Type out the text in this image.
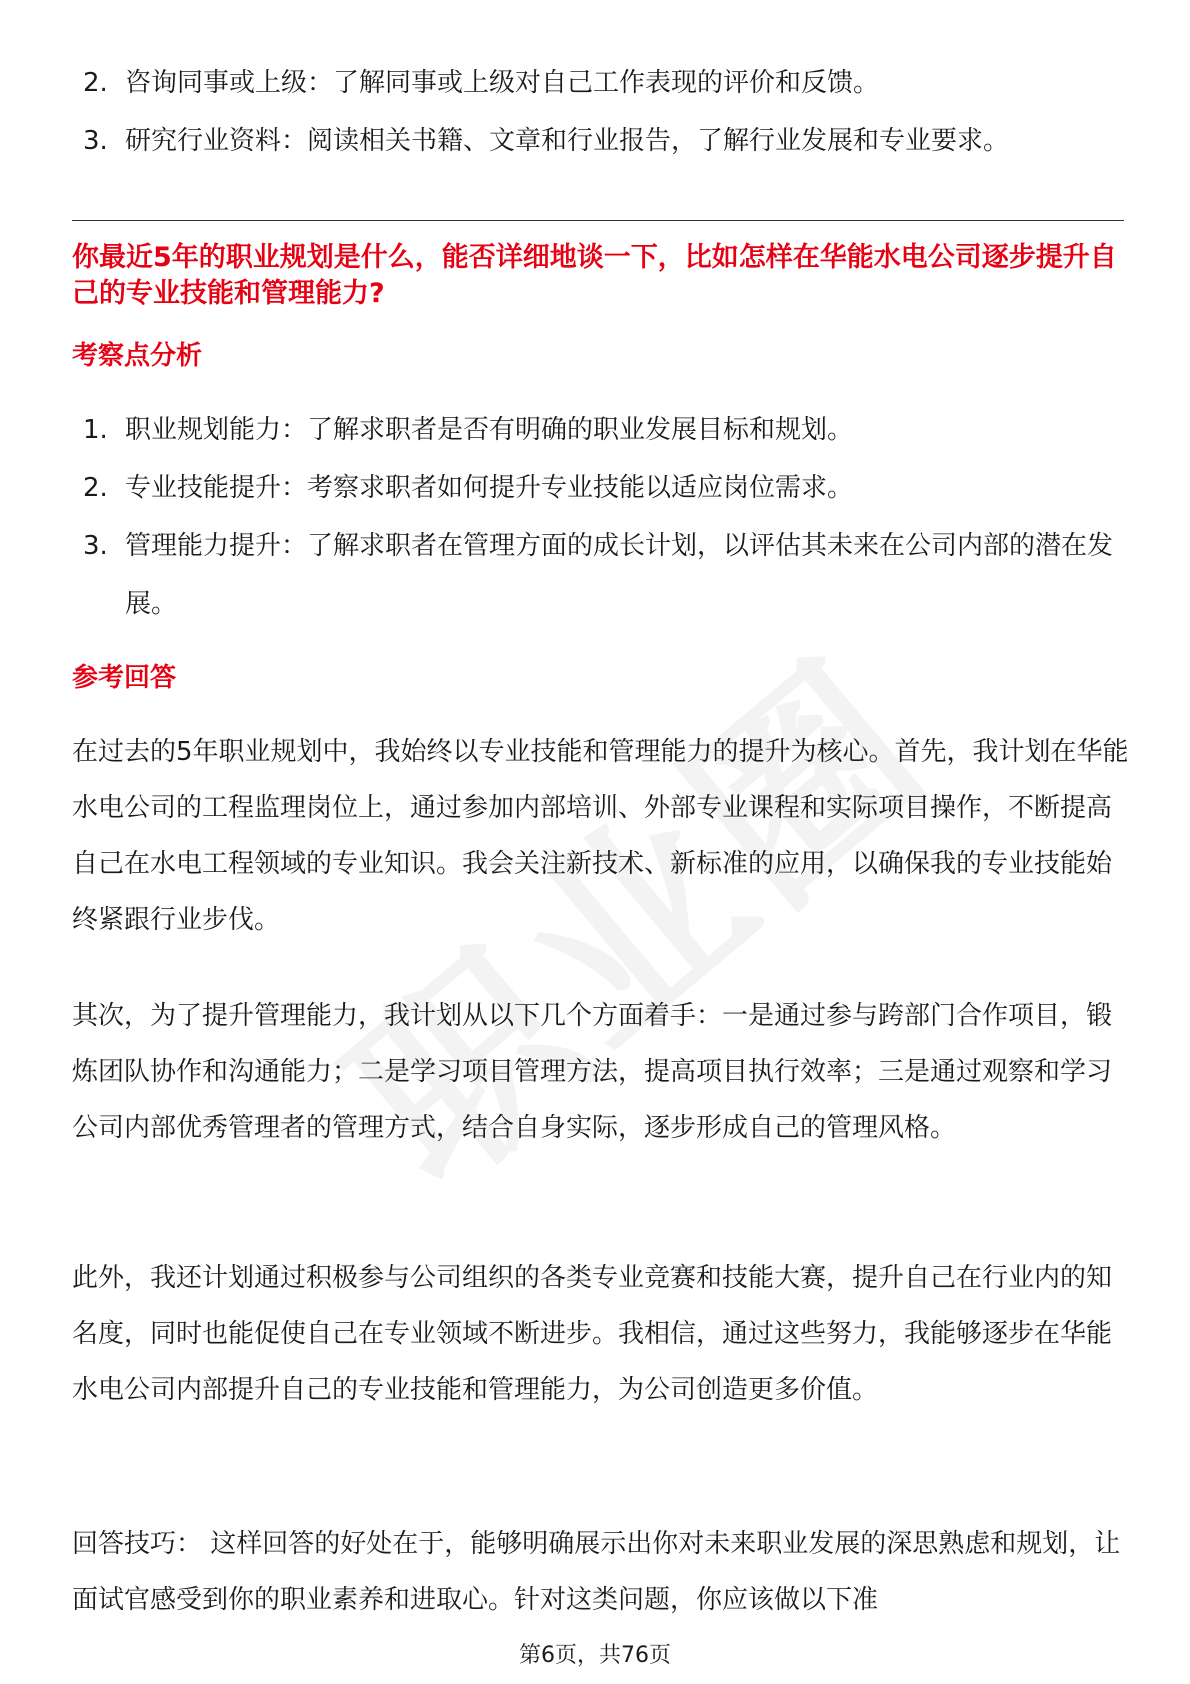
2. 咨询同事或上级：了解同事或上级对自己工作表现的评价和反馈。
3. 研究行业资料：阅读相关书籍、文章和行业报告，了解行业发展和专业要求。
你最近5年的职业规划是什么，能否详细地谈一下，比如怎样在华能水电公司逐步提升自己的专业技能和管理能力?
考察点分析
1. 职业规划能力：了解求职者是否有明确的职业发展目标和规划。
2. 专业技能提升：考察求职者如何提升专业技能以适应岗位需求。
3. 管理能力提升：了解求职者在管理方面的成长计划，以评估其未来在公司内部的潜在发展。
参考回答

在过去的5年职业规划中，我始终以专业技能和管理能力的提升为核心。首先，我计划在华能水电公司的工程监理岗位上，通过参加内部培训、外部专业课程和实际项目操作，不断提高自己在水电工程领域的专业知识。我会关注新技术、新标准的应用，以确保我的专业技能始终紧跟行业步伐。

其次，为了提升管理能力，我计划从以下几个方面着手：一是通过参与跨部门合作项目，锻炼团队协作和沟通能力；二是学习项目管理方法，提高项目执行效率；三是通过观察和学习公司内部优秀管理者的管理方式，结合自身实际，逐步形成自己的管理风格。

此外，我还计划通过积极参与公司组织的各类专业竞赛和技能大赛，提升自己在行业内的知名度，同时也能促使自己在专业领域不断进步。我相信，通过这些努力，我能够逐步在华能水电公司内部提升自己的专业技能和管理能力，为公司创造更多价值。

回答技巧： 这样回答的好处在于，能够明确展示出你对未来职业发展的深思熟虑和规划，让面试官感受到你的职业素养和进取心。针对这类问题，你应该做以下准

第6页，共76页
